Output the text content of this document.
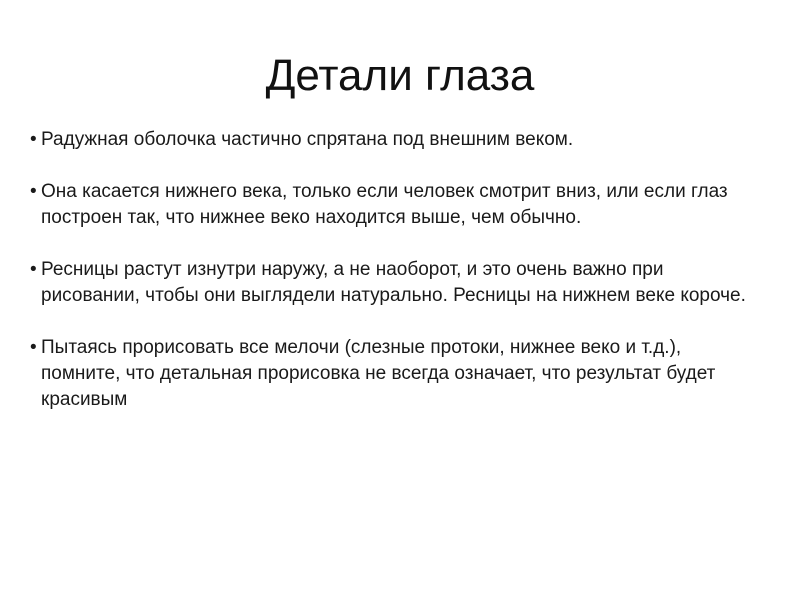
Детали глаза
• Радужная оболочка частично спрятана под внешним веком.
• Она касается нижнего века, только если человек смотрит вниз, или если глаз построен так, что нижнее веко находится выше, чем обычно.
• Ресницы растут изнутри наружу, а не наоборот, и это очень важно при рисовании, чтобы они выглядели натурально. Ресницы на нижнем веке короче.
• Пытаясь прорисовать все мелочи (слезные протоки, нижнее веко и т.д.), помните, что детальная прорисовка не всегда означает, что результат будет красивым
